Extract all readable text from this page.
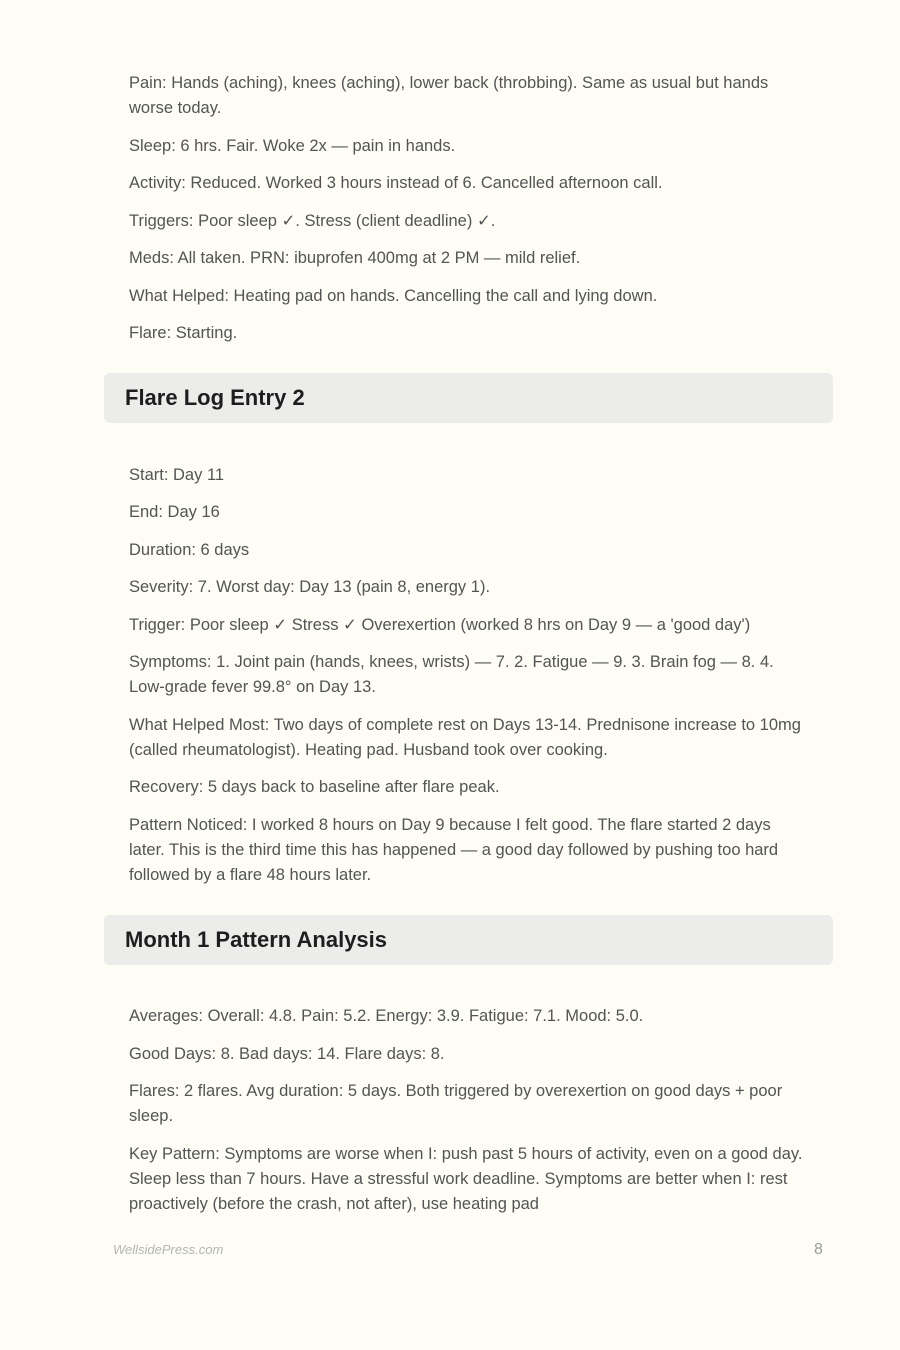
Pain: Hands (aching), knees (aching), lower back (throbbing). Same as usual but hands worse today.

Sleep: 6 hrs. Fair. Woke 2x — pain in hands.

Activity: Reduced. Worked 3 hours instead of 6. Cancelled afternoon call.

Triggers: Poor sleep ✓. Stress (client deadline) ✓.

Meds: All taken. PRN: ibuprofen 400mg at 2 PM — mild relief.

What Helped: Heating pad on hands. Cancelling the call and lying down.

Flare: Starting.

Flare Log Entry 2

Start: Day 11

End: Day 16

Duration: 6 days

Severity: 7. Worst day: Day 13 (pain 8, energy 1).

Trigger: Poor sleep ✓ Stress ✓ Overexertion (worked 8 hrs on Day 9 — a 'good day')

Symptoms: 1. Joint pain (hands, knees, wrists) — 7. 2. Fatigue — 9. 3. Brain fog — 8. 4. Low-grade fever 99.8° on Day 13.

What Helped Most: Two days of complete rest on Days 13-14. Prednisone increase to 10mg (called rheumatologist). Heating pad. Husband took over cooking.

Recovery: 5 days back to baseline after flare peak.

Pattern Noticed: I worked 8 hours on Day 9 because I felt good. The flare started 2 days later. This is the third time this has happened — a good day followed by pushing too hard followed by a flare 48 hours later.

Month 1 Pattern Analysis

Averages: Overall: 4.8. Pain: 5.2. Energy: 3.9. Fatigue: 7.1. Mood: 5.0.

Good Days: 8. Bad days: 14. Flare days: 8.

Flares: 2 flares. Avg duration: 5 days. Both triggered by overexertion on good days + poor sleep.

Key Pattern: Symptoms are worse when I: push past 5 hours of activity, even on a good day. Sleep less than 7 hours. Have a stressful work deadline. Symptoms are better when I: rest proactively (before the crash, not after), use heating pad

WellsidePress.com	8
